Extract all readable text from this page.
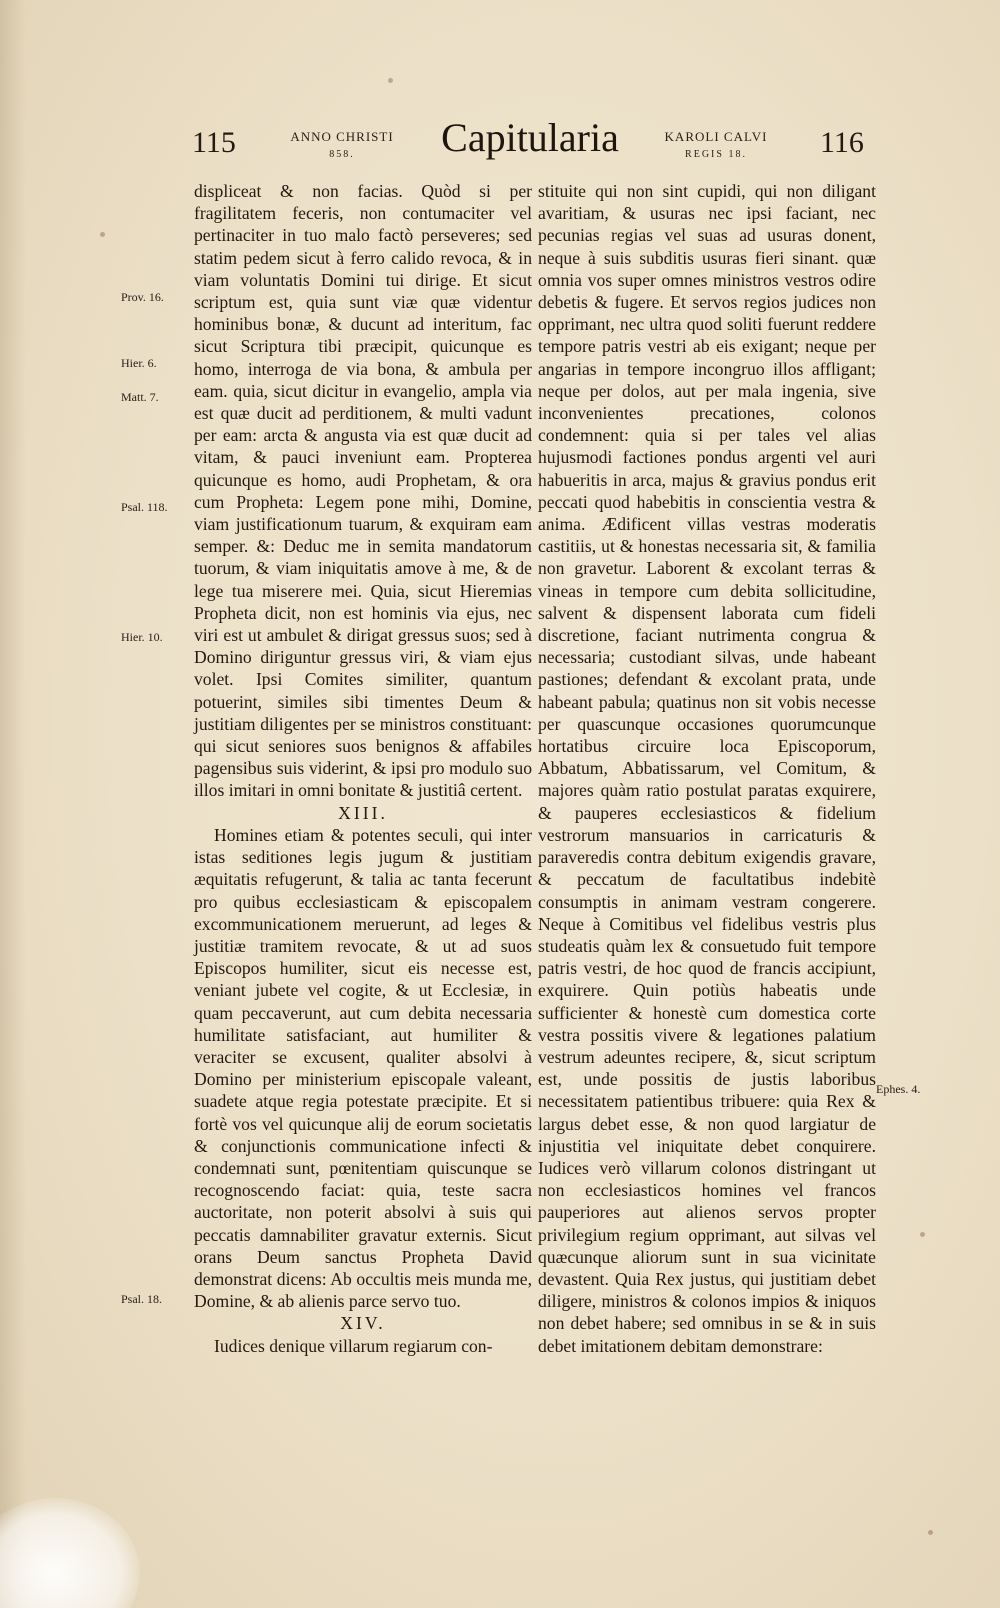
115	ANNO CHRISTI
858.	Capitularia	KAROLI CALVI
REGIS 18.	116
Prov. 16.
Hier. 6.
Matt. 7.
Psal. 118.
Hier. 10.
Psal. 18.
Ephes. 4.

displiceat & non facias. Quòd si per fragilitatem feceris, non contumaciter vel pertinaciter in tuo malo factò perseveres; sed statim pedem sicut à ferro calido revoca, & in viam voluntatis Domini tui dirige. Et sicut scriptum est, quia sunt viæ quæ videntur hominibus bonæ, & ducunt ad interitum, fac sicut Scriptura tibi præcipit, quicunque es homo, interroga de via bona, & ambula per eam. quia, sicut dicitur in evangelio, ampla via est quæ ducit ad perditionem, & multi vadunt per eam: arcta & angusta via est quæ ducit ad vitam, & pauci inveniunt eam. Propterea quicunque es homo, audi Prophetam, & ora cum Propheta: Legem pone mihi, Domine, viam justificationum tuarum, & exquiram eam semper. &: Deduc me in semita mandatorum tuorum, & viam iniquitatis amove à me, & de lege tua miserere mei. Quia, sicut Hieremias Propheta dicit, non est hominis via ejus, nec viri est ut ambulet & dirigat gressus suos; sed à Domino diriguntur gressus viri, & viam ejus volet. Ipsi Comites similiter, quantum potuerint, similes sibi timentes Deum & justitiam diligentes per se ministros constituant: qui sicut seniores suos benignos & affabiles pagensibus suis viderint, & ipsi pro modulo suo illos imitari in omni bonitate & justitiâ certent.

XIII.

Homines etiam & potentes seculi, qui inter istas seditiones legis jugum & justitiam æquitatis refugerunt, & talia ac tanta fecerunt pro quibus ecclesiasticam & episcopalem excommunicationem meruerunt, ad leges & justitiæ tramitem revocate, & ut ad suos Episcopos humiliter, sicut eis necesse est, veniant jubete vel cogite, & ut Ecclesiæ, in quam peccaverunt, aut cum debita necessaria humilitate satisfaciant, aut humiliter & veraciter se excusent, qualiter absolvi à Domino per ministerium episcopale valeant, suadete atque regia potestate præcipite. Et si fortè vos vel quicunque alij de eorum societatis & conjunctionis communicatione infecti & condemnati sunt, pœnitentiam quiscunque se recognoscendo faciat: quia, teste sacra auctoritate, non poterit absolvi à suis qui peccatis damnabiliter gravatur externis. Sicut orans Deum sanctus Propheta David demonstrat dicens: Ab occultis meis munda me, Domine, & ab alienis parce servo tuo.

XIV.

Iudices denique villarum regiarum con-

stituite qui non sint cupidi, qui non diligant avaritiam, & usuras nec ipsi faciant, nec pecunias regias vel suas ad usuras donent, neque à suis subditis usuras fieri sinant. quæ omnia vos super omnes ministros vestros odire debetis & fugere. Et servos regios judices non opprimant, nec ultra quod soliti fuerunt reddere tempore patris vestri ab eis exigant; neque per angarias in tempore incongruo illos affligant; neque per dolos, aut per mala ingenia, sive inconvenientes precationes, colonos condemnent: quia si per tales vel alias hujusmodi factiones pondus argenti vel auri habueritis in arca, majus & gravius pondus erit peccati quod habebitis in conscientia vestra & anima. Ædificent villas vestras moderatis castitiis, ut & honestas necessaria sit, & familia non gravetur. Laborent & excolant terras & vineas in tempore cum debita sollicitudine, salvent & dispensent laborata cum fideli discretione, faciant nutrimenta congrua & necessaria; custodiant silvas, unde habeant pastiones; defendant & excolant prata, unde habeant pabula; quatinus non sit vobis necesse per quascunque occasiones quorumcunque hortatibus circuire loca Episcoporum, Abbatum, Abbatissarum, vel Comitum, & majores quàm ratio postulat paratas exquirere, & pauperes ecclesiasticos & fidelium vestrorum mansuarios in carricaturis & paraveredis contra debitum exigendis gravare, & peccatum de facultatibus indebitè consumptis in animam vestram congerere. Neque à Comitibus vel fidelibus vestris plus studeatis quàm lex & consuetudo fuit tempore patris vestri, de hoc quod de francis accipiunt, exquirere. Quin potiùs habeatis unde sufficienter & honestè cum domestica corte vestra possitis vivere & legationes palatium vestrum adeuntes recipere, &, sicut scriptum est, unde possitis de justis laboribus necessitatem patientibus tribuere: quia Rex & largus debet esse, & non quod largiatur de injustitia vel iniquitate debet conquirere. Iudices verò villarum colonos distringant ut non ecclesiasticos homines vel francos pauperiores aut alienos servos propter privilegium regium opprimant, aut silvas vel quæcunque aliorum sunt in sua vicinitate devastent. Quia Rex justus, qui justitiam debet diligere, ministros & colonos impios & iniquos non debet habere; sed omnibus in se & in suis debet imitationem debitam demonstrare:
